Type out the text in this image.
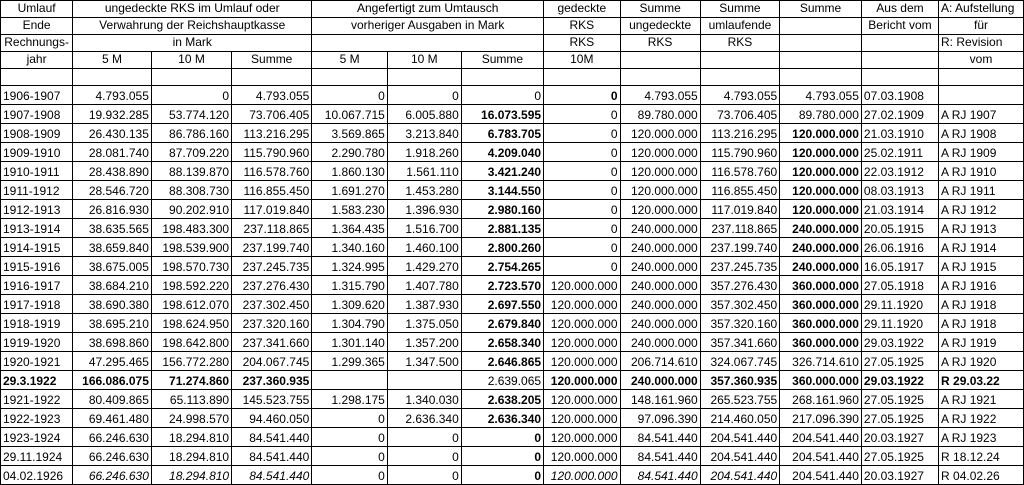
Umlauf	ungedeckte RKS im Umlauf oder			Angefertigt zum Umtausch			gedeckte	Summe	Summe	Summe	Aus dem	A: Aufstellung
Ende	Verwahrung der Reichshauptkasse			vorheriger Ausgaben in Mark			RKS	ungedeckte	umlaufende		Bericht vom	für
Rechnungs-	in Mark						RKS	RKS	RKS			R: Revision
jahr	5 M	10 M	Summe	5 M	10 M	Summe	10M					vom

1906-1907	4.793.055	0	4.793.055	0	0	0	0	4.793.055	4.793.055	4.793.055	07.03.1908	
1907-1908	19.932.285	53.774.120	73.706.405	10.067.715	6.005.880	16.073.595	0	89.780.000	73.706.405	89.780.000	27.02.1909	A RJ 1907
1908-1909	26.430.135	86.786.160	113.216.295	3.569.865	3.213.840	6.783.705	0	120.000.000	113.216.295	120.000.000	21.03.1910	A RJ 1908
1909-1910	28.081.740	87.709.220	115.790.960	2.290.780	1.918.260	4.209.040	0	120.000.000	115.790.960	120.000.000	25.02.1911	A RJ 1909
1910-1911	28.438.890	88.139.870	116.578.760	1.860.130	1.561.110	3.421.240	0	120.000.000	116.578.760	120.000.000	22.03.1912	A RJ 1910
1911-1912	28.546.720	88.308.730	116.855.450	1.691.270	1.453.280	3.144.550	0	120.000.000	116.855.450	120.000.000	08.03.1913	A RJ 1911
1912-1913	26.816.930	90.202.910	117.019.840	1.583.230	1.396.930	2.980.160	0	120.000.000	117.019.840	120.000.000	21.03.1914	A RJ 1912
1913-1914	38.635.565	198.483.300	237.118.865	1.364.435	1.516.700	2.881.135	0	240.000.000	237.118.865	240.000.000	20.05.1915	A RJ 1913
1914-1915	38.659.840	198.539.900	237.199.740	1.340.160	1.460.100	2.800.260	0	240.000.000	237.199.740	240.000.000	26.06.1916	A RJ 1914
1915-1916	38.675.005	198.570.730	237.245.735	1.324.995	1.429.270	2.754.265	0	240.000.000	237.245.735	240.000.000	16.05.1917	A RJ 1915
1916-1917	38.684.210	198.592.220	237.276.430	1.315.790	1.407.780	2.723.570	120.000.000	240.000.000	357.276.430	360.000.000	27.05.1918	A RJ 1916
1917-1918	38.690.380	198.612.070	237.302.450	1.309.620	1.387.930	2.697.550	120.000.000	240.000.000	357.302.450	360.000.000	29.11.1920	A RJ 1918
1918-1919	38.695.210	198.624.950	237.320.160	1.304.790	1.375.050	2.679.840	120.000.000	240.000.000	357.320.160	360.000.000	29.11.1920	A RJ 1918
1919-1920	38.698.860	198.642.800	237.341.660	1.301.140	1.357.200	2.658.340	120.000.000	240.000.000	357.341.660	360.000.000	29.03.1922	A RJ 1919
1920-1921	47.295.465	156.772.280	204.067.745	1.299.365	1.347.500	2.646.865	120.000.000	206.714.610	324.067.745	326.714.610	27.05.1925	A RJ 1920
29.3.1922	166.086.075	71.274.860	237.360.935			2.639.065	120.000.000	240.000.000	357.360.935	360.000.000	29.03.1922	R 29.03.22
1921-1922	80.409.865	65.113.890	145.523.755	1.298.175	1.340.030	2.638.205	120.000.000	148.161.960	265.523.755	268.161.960	27.05.1925	A RJ 1921
1922-1923	69.461.480	24.998.570	94.460.050	0	2.636.340	2.636.340	120.000.000	97.096.390	214.460.050	217.096.390	27.05.1925	A RJ 1922
1923-1924	66.246.630	18.294.810	84.541.440	0	0	0	120.000.000	84.541.440	204.541.440	204.541.440	20.03.1927	A RJ 1923
29.11.1924	66.246.630	18.294.810	84.541.440	0	0	0	120.000.000	84.541.440	204.541.440	204.541.440	27.05.1925	R 18.12.24
04.02.1926	66.246.630	18.294.810	84.541.440	0	0	0	120.000.000	84.541.440	204.541.440	204.541.440	20.03.1927	R 04.02.26
